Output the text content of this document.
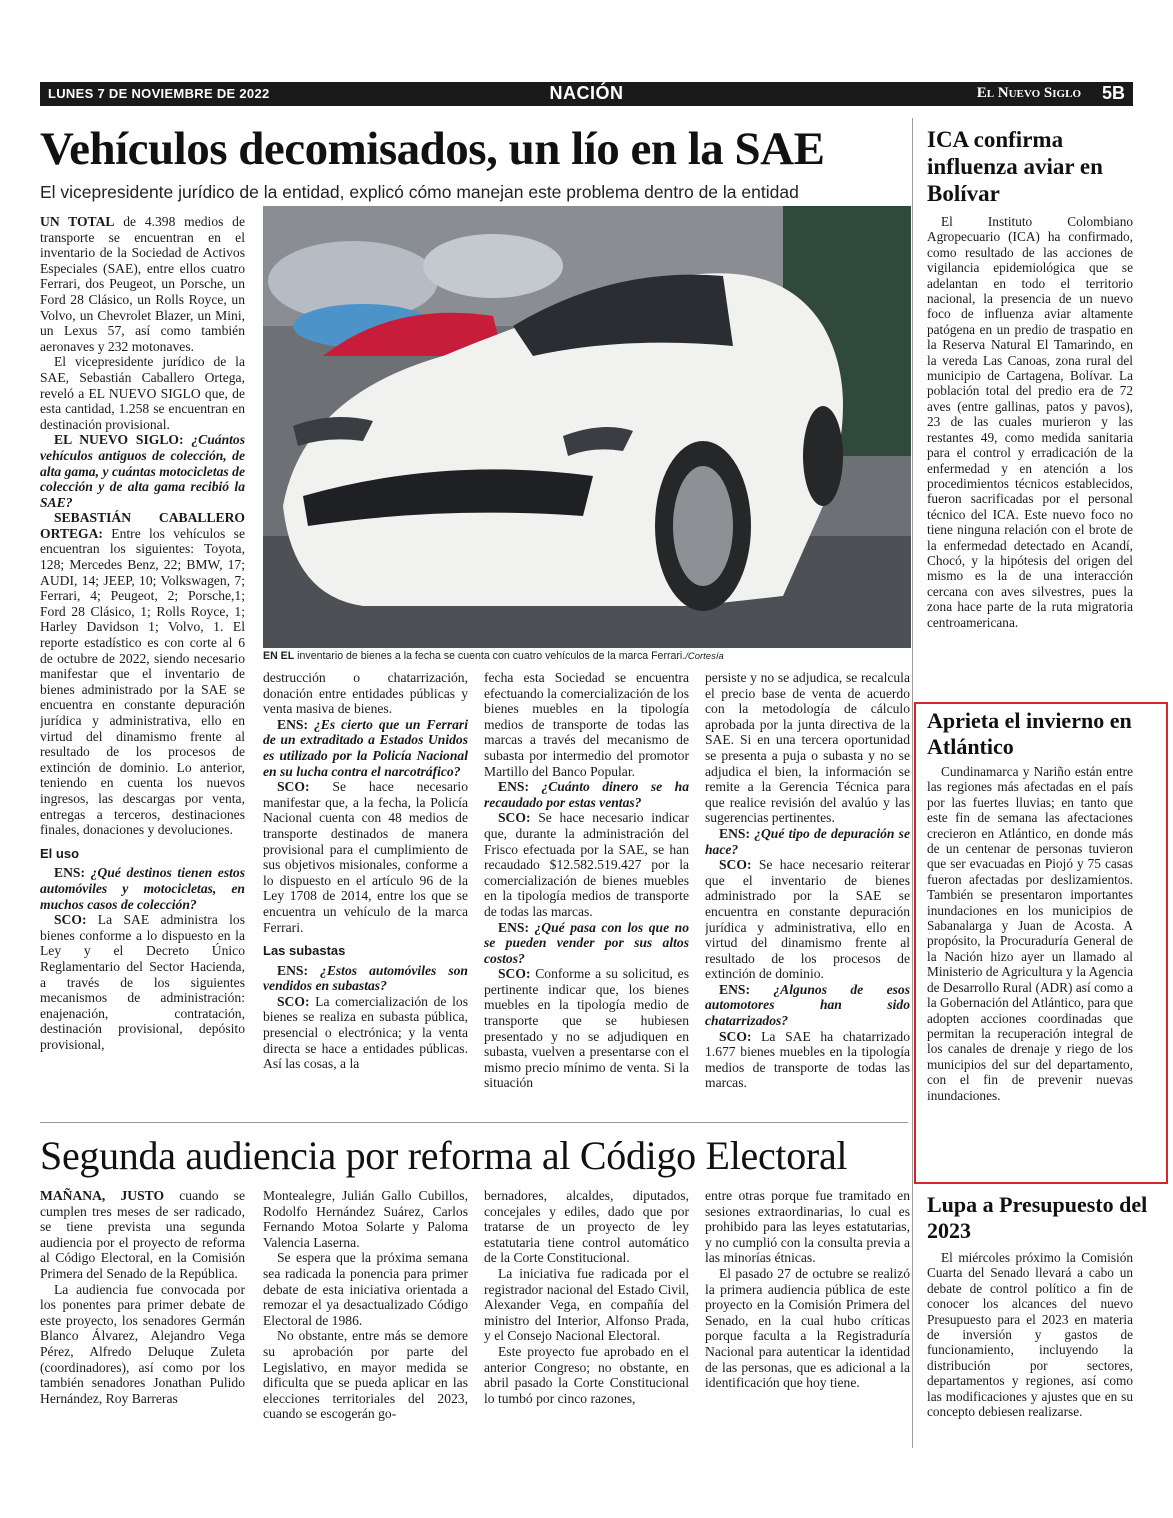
LUNES 7 DE NOVIEMBRE DE 2022	NACIÓN	El Nuevo Siglo 5B
Vehículos decomisados, un lío en la SAE
El vicepresidente jurídico de la entidad, explicó cómo manejan este problema dentro de la entidad

UN TOTAL de 4.398 medios de transporte se encuentran en el inventario de la Sociedad de Activos Especiales (SAE), entre ellos cuatro Ferrari, dos Peugeot, un Porsche, un Ford 28 Clásico, un Rolls Royce, un Volvo, un Chevrolet Blazer, un Mini, un Lexus 57, así como también aeronaves y 232 motonaves.

El vicepresidente jurídico de la SAE, Sebastián Caballero Ortega, reveló a EL NUEVO SIGLO que, de esta cantidad, 1.258 se encuentran en destinación provisional.

EL NUEVO SIGLO: ¿Cuántos vehículos antiguos de colección, de alta gama, y cuántas motocicletas de colección y de alta gama recibió la SAE?

SEBASTIÁN CABALLERO ORTEGA: Entre los vehículos se encuentran los siguientes: Toyota, 128; Mercedes Benz, 22; BMW, 17; AUDI, 14; JEEP, 10; Volkswagen, 7; Ferrari, 4; Peugeot, 2; Porsche,1; Ford 28 Clásico, 1; Rolls Royce, 1; Harley Davidson 1; Volvo, 1. El reporte estadístico es con corte al 6 de octubre de 2022, siendo necesario manifestar que el inventario de bienes administrado por la SAE se encuentra en constante depuración jurídica y administrativa, ello en virtud del dinamismo frente al resultado de los procesos de extinción de dominio. Lo anterior, teniendo en cuenta los nuevos ingresos, las descargas por venta, entregas a terceros, destinaciones finales, donaciones y devoluciones.

El uso

ENS: ¿Qué destinos tienen estos automóviles y motocicletas, en muchos casos de colección?

SCO: La SAE administra los bienes conforme a lo dispuesto en la Ley y el Decreto Único Reglamentario del Sector Hacienda, a través de los siguientes mecanismos de administración: enajenación, contratación, destinación provisional, depósito provisional,

EN EL inventario de bienes a la fecha se cuenta con cuatro vehículos de la marca Ferrari./Cortesía

destrucción o chatarrización, donación entre entidades públicas y venta masiva de bienes.

ENS: ¿Es cierto que un Ferrari de un extraditado a Estados Unidos es utilizado por la Policía Nacional en su lucha contra el narcotráfico?

SCO: Se hace necesario manifestar que, a la fecha, la Policía Nacional cuenta con 48 medios de transporte destinados de manera provisional para el cumplimiento de sus objetivos misionales, conforme a lo dispuesto en el artículo 96 de la Ley 1708 de 2014, entre los que se encuentra un vehículo de la marca Ferrari.

Las subastas

ENS: ¿Estos automóviles son vendidos en subastas?

SCO: La comercialización de los bienes se realiza en subasta pública, presencial o electrónica; y la venta directa se hace a entidades públicas. Así las cosas, a la

fecha esta Sociedad se encuentra efectuando la comercialización de los bienes muebles en la tipología medios de transporte de todas las marcas a través del mecanismo de subasta por intermedio del promotor Martillo del Banco Popular.

ENS: ¿Cuánto dinero se ha recaudado por estas ventas?

SCO: Se hace necesario indicar que, durante la administración del Frisco efectuada por la SAE, se han recaudado $12.582.519.427 por la comercialización de bienes muebles en la tipología medios de transporte de todas las marcas.

ENS: ¿Qué pasa con los que no se pueden vender por sus altos costos?

SCO: Conforme a su solicitud, es pertinente indicar que, los bienes muebles en la tipología medio de transporte que se hubiesen presentado y no se adjudiquen en subasta, vuelven a presentarse con el mismo precio mínimo de venta. Si la situación

persiste y no se adjudica, se recalcula el precio base de venta de acuerdo con la metodología de cálculo aprobada por la junta directiva de la SAE. Si en una tercera oportunidad se presenta a puja o subasta y no se adjudica el bien, la información se remite a la Gerencia Técnica para que realice revisión del avalúo y las sugerencias pertinentes.

ENS: ¿Qué tipo de depuración se hace?

SCO: Se hace necesario reiterar que el inventario de bienes administrado por la SAE se encuentra en constante depuración jurídica y administrativa, ello en virtud del dinamismo frente al resultado de los procesos de extinción de dominio.

ENS: ¿Algunos de esos automotores han sido chatarrizados?

SCO: La SAE ha chatarrizado 1.677 bienes muebles en la tipología medios de transporte de todas las marcas.

Segunda audiencia por reforma al Código Electoral

MAÑANA, JUSTO cuando se cumplen tres meses de ser radicado, se tiene prevista una segunda audiencia por el proyecto de reforma al Código Electoral, en la Comisión Primera del Senado de la República.

La audiencia fue convocada por los ponentes para primer debate de este proyecto, los senadores Germán Blanco Álvarez, Alejandro Vega Pérez, Alfredo Deluque Zuleta (coordinadores), así como por los también senadores Jonathan Pulido Hernández, Roy Barreras

Montealegre, Julián Gallo Cubillos, Rodolfo Hernández Suárez, Carlos Fernando Motoa Solarte y Paloma Valencia Laserna.

Se espera que la próxima semana sea radicada la ponencia para primer debate de esta iniciativa orientada a remozar el ya desactualizado Código Electoral de 1986.

No obstante, entre más se demore su aprobación por parte del Legislativo, en mayor medida se dificulta que se pueda aplicar en las elecciones territoriales del 2023, cuando se escogerán go-

bernadores, alcaldes, diputados, concejales y ediles, dado que por tratarse de un proyecto de ley estatutaria tiene control automático de la Corte Constitucional.

La iniciativa fue radicada por el registrador nacional del Estado Civil, Alexander Vega, en compañía del ministro del Interior, Alfonso Prada, y el Consejo Nacional Electoral.

Este proyecto fue aprobado en el anterior Congreso; no obstante, en abril pasado la Corte Constitucional lo tumbó por cinco razones,

entre otras porque fue tramitado en sesiones extraordinarias, lo cual es prohibido para las leyes estatutarias, y no cumplió con la consulta previa a las minorías étnicas.

El pasado 27 de octubre se realizó la primera audiencia pública de este proyecto en la Comisión Primera del Senado, en la cual hubo críticas porque faculta a la Registraduría Nacional para autenticar la identidad de las personas, que es adicional a la identificación que hoy tiene.

ICA confirma influenza aviar en Bolívar

El Instituto Colombiano Agropecuario (ICA) ha confirmado, como resultado de las acciones de vigilancia epidemiológica que se adelantan en todo el territorio nacional, la presencia de un nuevo foco de influenza aviar altamente patógena en un predio de traspatio en la Reserva Natural El Tamarindo, en la vereda Las Canoas, zona rural del municipio de Cartagena, Bolívar. La población total del predio era de 72 aves (entre gallinas, patos y pavos), 23 de las cuales murieron y las restantes 49, como medida sanitaria para el control y erradicación de la enfermedad y en atención a los procedimientos técnicos establecidos, fueron sacrificadas por el personal técnico del ICA. Este nuevo foco no tiene ninguna relación con el brote de la enfermedad detectado en Acandí, Chocó, y la hipótesis del origen del mismo es la de una interacción cercana con aves silvestres, pues la zona hace parte de la ruta migratoria centroamericana.

Aprieta el invierno en Atlántico

Cundinamarca y Nariño están entre las regiones más afectadas en el país por las fuertes lluvias; en tanto que este fin de semana las afectaciones crecieron en Atlántico, en donde más de un centenar de personas tuvieron que ser evacuadas en Piojó y 75 casas fueron afectadas por deslizamientos. También se presentaron importantes inundaciones en los municipios de Sabanalarga y Juan de Acosta. A propósito, la Procuraduría General de la Nación hizo ayer un llamado al Ministerio de Agricultura y la Agencia de Desarrollo Rural (ADR) así como a la Gobernación del Atlántico, para que adopten acciones coordinadas que permitan la recuperación integral de los canales de drenaje y riego de los municipios del sur del departamento, con el fin de prevenir nuevas inundaciones.

Lupa a Presupuesto del 2023

El miércoles próximo la Comisión Cuarta del Senado llevará a cabo un debate de control político a fin de conocer los alcances del nuevo Presupuesto para el 2023 en materia de inversión y gastos de funcionamiento, incluyendo la distribución por sectores, departamentos y regiones, así como las modificaciones y ajustes que en su concepto debiesen realizarse.
